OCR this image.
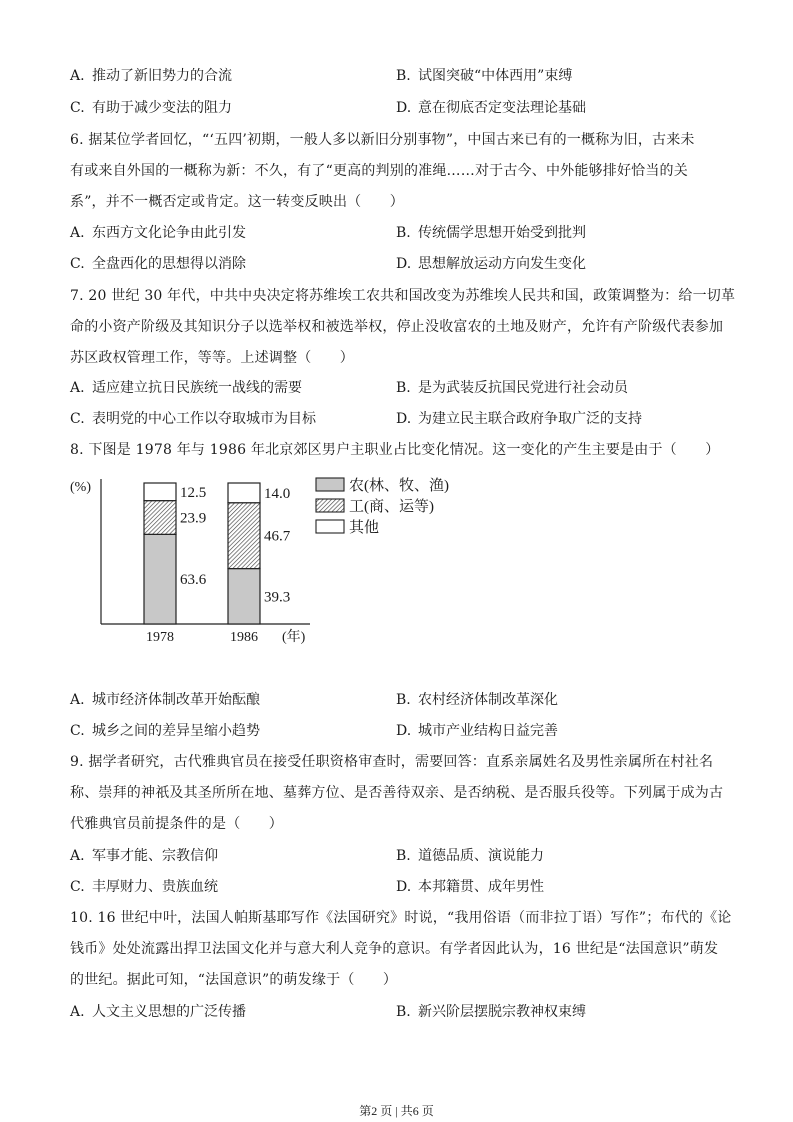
A. 推动了新旧势力的合流	B. 试图突破“中体西用”束缚
C. 有助于减少变法的阻力	D. 意在彻底否定变法理论基础
6. 据某位学者回忆，“‘五四’初期，一般人多以新旧分别事物”，中国古来已有的一概称为旧，古来未
有或来自外国的一概称为新：不久，有了“更高的判别的准绳……对于古今、中外能够排好恰当的关
系”，并不一概否定或肯定。这一转变反映出（　　）
A. 东西方文化论争由此引发	B. 传统儒学思想开始受到批判
C. 全盘西化的思想得以消除	D. 思想解放运动方向发生变化
7. 20 世纪 30 年代，中共中央决定将苏维埃工农共和国改变为苏维埃人民共和国，政策调整为：给一切革
命的小资产阶级及其知识分子以选举权和被选举权，停止没收富农的土地及财产，允许有产阶级代表参加
苏区政权管理工作，等等。上述调整（　　）
A. 适应建立抗日民族统一战线的需要	B. 是为武装反抗国民党进行社会动员
C. 表明党的中心工作以夺取城市为目标	D. 为建立民主联合政府争取广泛的支持
8. 下图是 1978 年与 1986 年北京郊区男户主职业占比变化情况。这一变化的产生主要是由于（　　）
(%)
63.6
23.9
12.5
39.3
46.7
14.0
1978	1986 (年)
农(林、牧、渔)
工(商、运等)
其他
A. 城市经济体制改革开始酝酿	B. 农村经济体制改革深化
C. 城乡之间的差异呈缩小趋势	D. 城市产业结构日益完善
9. 据学者研究，古代雅典官员在接受任职资格审查时，需要回答：直系亲属姓名及男性亲属所在村社名
称、崇拜的神祇及其圣所所在地、墓葬方位、是否善待双亲、是否纳税、是否服兵役等。下列属于成为古
代雅典官员前提条件的是（　　）
A. 军事才能、宗教信仰	B. 道德品质、演说能力
C. 丰厚财力、贵族血统	D. 本邦籍贯、成年男性
10. 16 世纪中叶，法国人帕斯基耶写作《法国研究》时说，“我用俗语（而非拉丁语）写作”；布代的《论
钱币》处处流露出捍卫法国文化并与意大利人竞争的意识。有学者因此认为，16 世纪是“法国意识”萌发
的世纪。据此可知，“法国意识”的萌发缘于（　　）
A. 人文主义思想的广泛传播	B. 新兴阶层摆脱宗教神权束缚
第2 页 | 共6 页
